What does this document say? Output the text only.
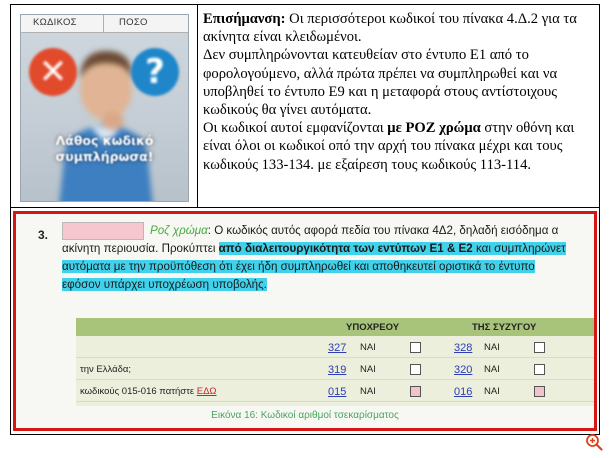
ΚΩΔΙΚΟΣ	ΠΟΣΟ
✕ ?
Λάθος κωδικό
συμπλήρωσα!
Επισήμανση: Οι περισσότεροι κωδικοί του πίνακα 4.Δ.2 για τα ακίνητα είναι κλειδωμένοι.
Δεν συμπληρώνονται κατευθείαν στο έντυπο Ε1 από το φορολογούμενο, αλλά πρώτα πρέπει να συμπληρωθεί και να υποβληθεί το έντυπο Ε9 και η μεταφορά στους αντίστοιχους κωδικούς θα γίνει αυτόματα.
Οι κωδικοί αυτοί εμφανίζονται με ΡΟΖ χρώμα στην οθόνη και είναι όλοι οι κωδικοί οπό την αρχή του πίνακα μέχρι και τους κωδικούς 133-134. με εξαίρεση τους κωδικούς 113-114.
3.	Ροζ χρώμα: Ο κωδικός αυτός αφορά πεδία του πίνακα 4Δ2, δηλαδή εισόδημα α
ακίνητη περιουσία. Προκύπτει από διαλειτουργικότητα των εντύπων Ε1 & Ε2 και συμπληρώνετ
αυτόματα με την προϋπόθεση ότι έχει ήδη συμπληρωθεί και αποθηκευτεί οριστικά το έντυπο
εφόσον υπάρχει υποχρέωση υποβολής.
ΥΠΟΧΡΕΟΥ	ΤΗΣ ΣΥΖΥΓΟΥ
327 ΝΑΙ	328 ΝΑΙ
την Ελλάδα;	319 ΝΑΙ	320 ΝΑΙ
κωδικούς 015-016 πατήστε ΕΔΩ	015 ΝΑΙ	016 ΝΑΙ
Εικόνα 16: Κωδικοί αριθμοί τσεκαρίσματος
